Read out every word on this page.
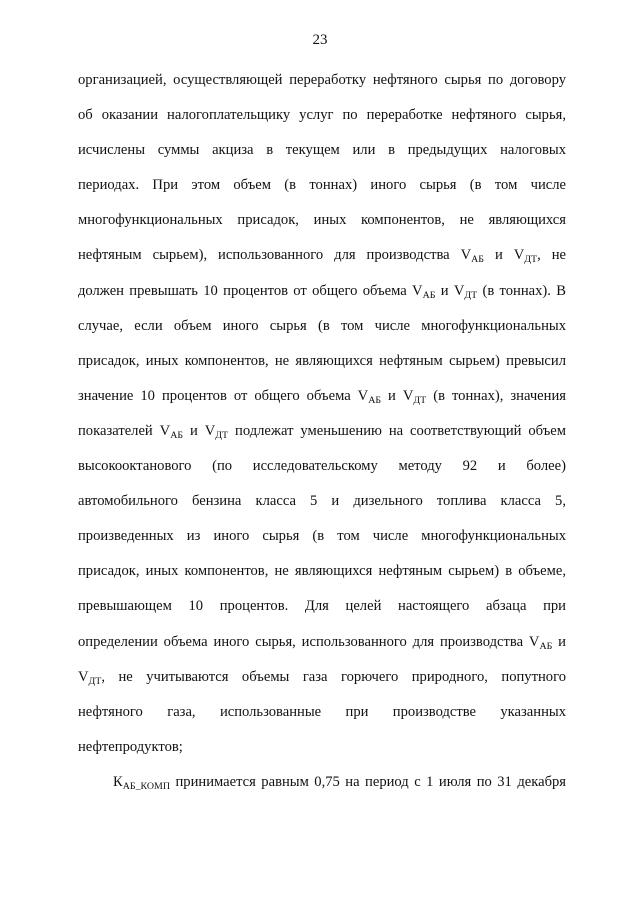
23
организацией, осуществляющей переработку нефтяного сырья по договору
об оказании налогоплательщику услуг по переработке нефтяного сырья,
исчислены суммы акциза в текущем или в предыдущих налоговых
периодах. При этом объем (в тоннах) иного сырья (в том числе
многофункциональных присадок, иных компонентов, не являющихся
нефтяным сырьем), использованного для производства $V_{АБ}$ и $V_{ДТ}$, не
должен превышать 10 процентов от общего объема $V_{АБ}$ и $V_{ДТ}$ (в тоннах). В
случае, если объем иного сырья (в том числе многофункциональных
присадок, иных компонентов, не являющихся нефтяным сырьем) превысил
значение 10 процентов от общего объема $V_{АБ}$ и $V_{ДТ}$ (в тоннах), значения
показателей $V_{АБ}$ и $V_{ДТ}$ подлежат уменьшению на соответствующий объем
высокооктанового (по исследовательскому методу 92 и более)
автомобильного бензина класса 5 и дизельного топлива класса 5,
произведенных из иного сырья (в том числе многофункциональных
присадок, иных компонентов, не являющихся нефтяным сырьем) в объеме,
превышающем 10 процентов. Для целей настоящего абзаца при
определении объема иного сырья, использованного для производства $V_{АБ}$ и
$V_{ДТ}$, не учитываются объемы газа горючего природного, попутного
нефтяного газа, использованные при производстве указанных
нефтепродуктов;
$К_{АБ\_КОМП}$ принимается равным 0,75 на период с 1 июля по 31 декабря
